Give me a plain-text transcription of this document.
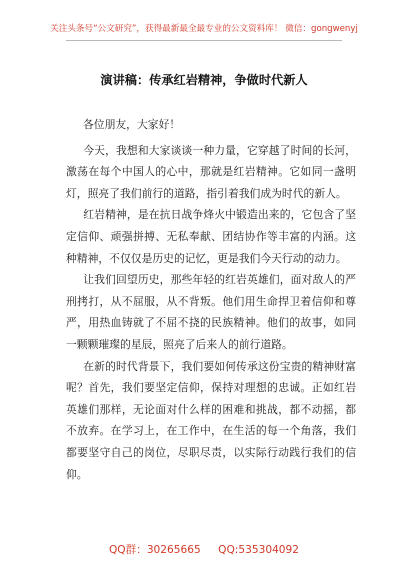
关注头条号“公文研究”，获得最新最全最专业的公文资料库！ 微信：gongwenyj
演讲稿：传承红岩精神，争做时代新人

各位朋友，大家好！

今天，我想和大家谈谈一种力量，它穿越了时间的长河，激荡在每个中国人的心中，那就是红岩精神。它如同一盏明灯，照亮了我们前行的道路，指引着我们成为时代的新人。

红岩精神，是在抗日战争烽火中锻造出来的，它包含了坚定信仰、顽强拼搏、无私奉献、团结协作等丰富的内涵。这种精神，不仅仅是历史的记忆，更是我们今天行动的动力。

让我们回望历史，那些年轻的红岩英雄们，面对敌人的严刑拷打，从不屈服，从不背叛。他们用生命捍卫着信仰和尊严，用热血铸就了不屈不挠的民族精神。他们的故事，如同一颗颗璀璨的星辰，照亮了后来人的前行道路。

在新的时代背景下，我们要如何传承这份宝贵的精神财富呢？首先，我们要坚定信仰，保持对理想的忠诚。正如红岩英雄们那样，无论面对什么样的困难和挑战，都不动摇，都不放弃。在学习上，在工作中，在生活的每一个角落，我们都要坚守自己的岗位，尽职尽责，以实际行动践行我们的信仰。

QQ群：30265665 QQ:535304092
